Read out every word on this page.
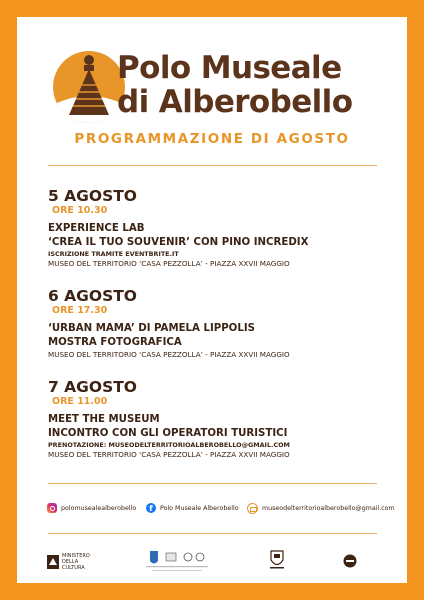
Polo Museale
di Alberobello
PROGRAMMAZIONE DI AGOSTO
5 AGOSTO
ORE 10.30
EXPERIENCE LAB
‘CREA IL TUO SOUVENIR’ CON PINO INCREDIX
ISCRIZIONE TRAMITE EVENTBRITE.IT
MUSEO DEL TERRITORIO ‘CASA PEZZOLLA’ - PIAZZA XXVII MAGGIO
6 AGOSTO
ORE 17.30
‘URBAN MAMA’ DI PAMELA LIPPOLIS
MOSTRA FOTOGRAFICA
MUSEO DEL TERRITORIO ‘CASA PEZZOLLA’ - PIAZZA XXVII MAGGIO
7 AGOSTO
ORE 11.00
MEET THE MUSEUM
INCONTRO CON GLI OPERATORI TURISTICI
PRENOTAZIONE: MUSEODELTERRITORIOALBEROBELLO@GMAIL.COM
MUSEO DEL TERRITORIO ‘CASA PEZZOLLA’ - PIAZZA XXVII MAGGIO
polomusealealberobello	f	Polo Museale Alberobello	museodelterritorioalberobello@gmail.com
MINISTERO
DELLA
CULTURA
